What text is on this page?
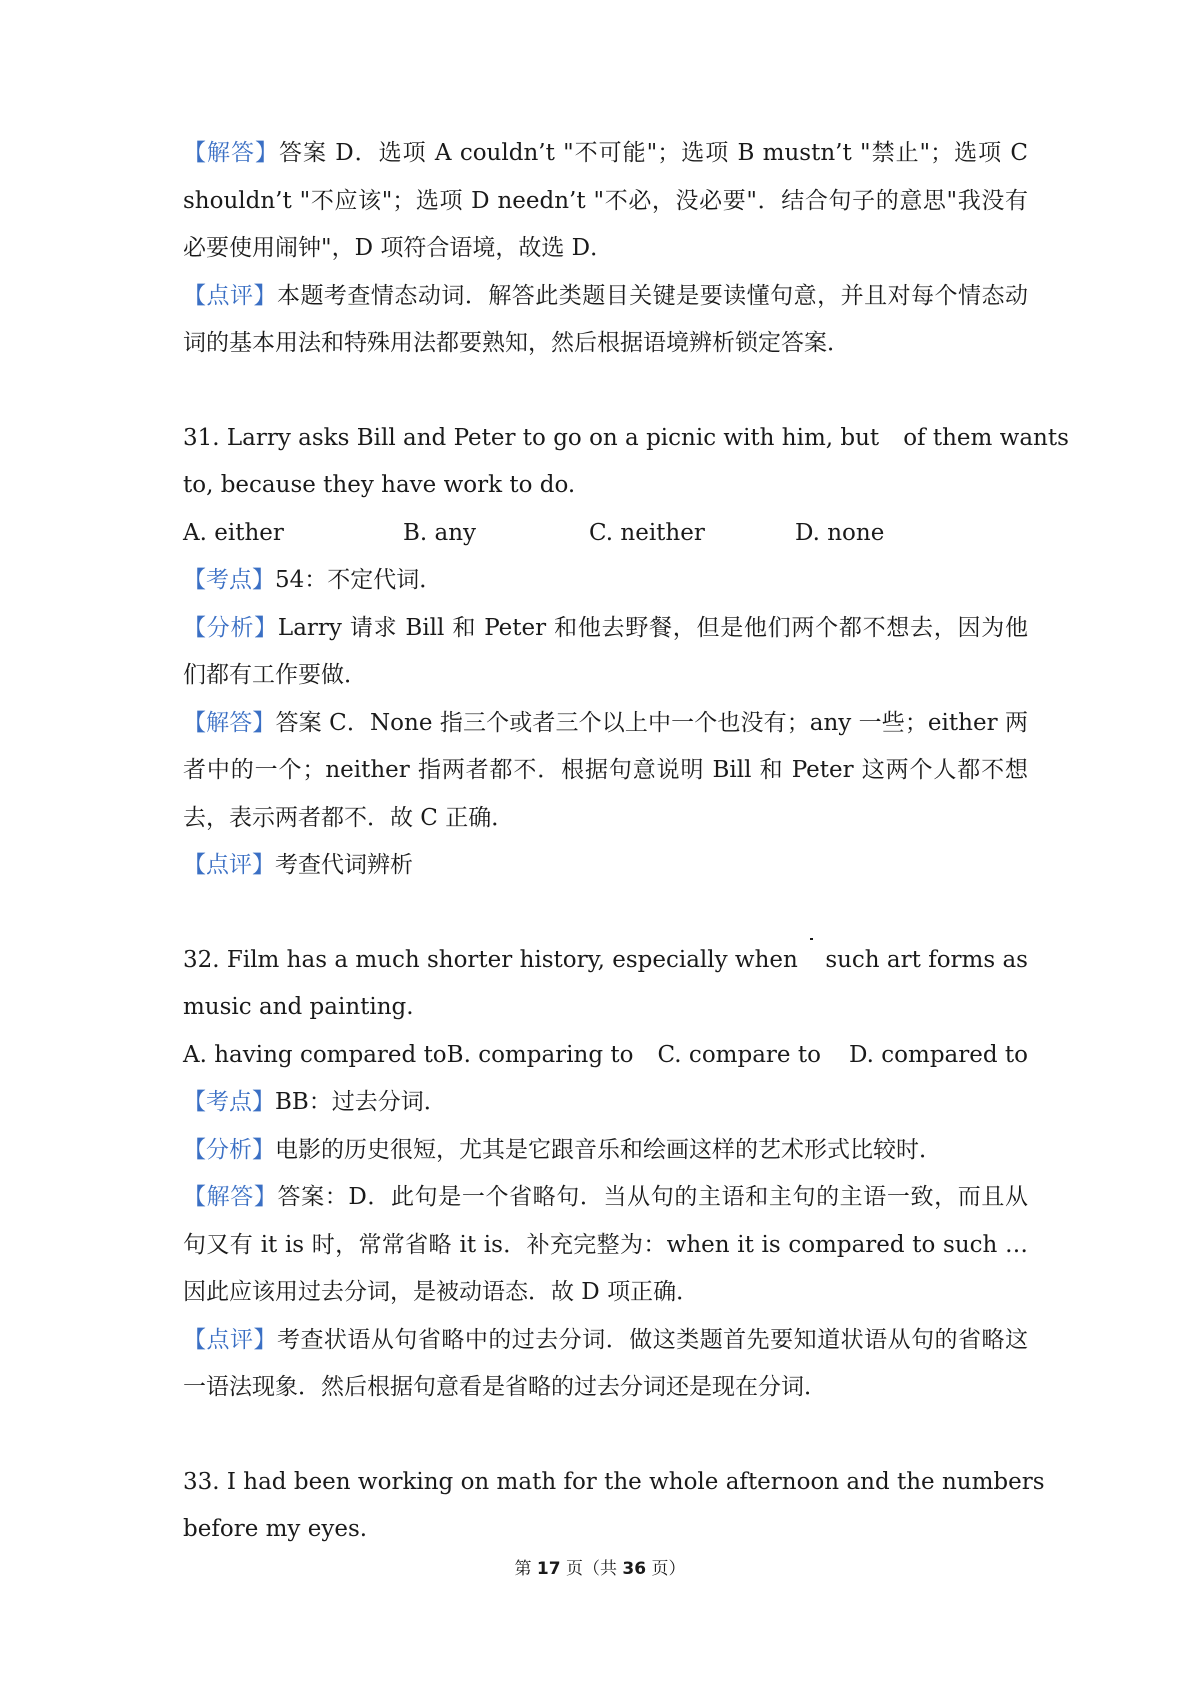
【解答】答案 D．选项 A couldn’t "不可能"；选项 B mustn’t "禁止"；选项 C shouldn’t "不应该"；选项 D needn’t "不必，没必要"．结合句子的意思"我没有必要使用闹钟"，D 项符合语境，故选 D．

【点评】本题考查情态动词．解答此类题目关键是要读懂句意，并且对每个情态动词的基本用法和特殊用法都要熟知，然后根据语境辨析锁定答案．

31. Larry asks Bill and Peter to go on a picnic with him, but of them wants

to, because they have work to do.

A. either	B. any	C. neither	D. none

【考点】54：不定代词．

【分析】Larry 请求 Bill 和 Peter 和他去野餐，但是他们两个都不想去，因为他们都有工作要做．

【解答】答案 C．None 指三个或者三个以上中一个也没有；any 一些；either 两者中的一个；neither 指两者都不．根据句意说明 Bill 和 Peter 这两个人都不想去，表示两者都不．故 C 正确．

【点评】考查代词辨析

32. Film has a much shorter history, especially when such art forms as

music and painting.

A. having compared to B. comparing to	C. compare to	D. compared to

【考点】BB：过去分词．

【分析】电影的历史很短，尤其是它跟音乐和绘画这样的艺术形式比较时．

【解答】答案：D．此句是一个省略句．当从句的主语和主句的主语一致，而且从句又有 it is 时，常常省略 it is．补充完整为：when it is compared to such …因此应该用过去分词，是被动语态．故 D 项正确．

【点评】考查状语从句省略中的过去分词．做这类题首先要知道状语从句的省略这一语法现象．然后根据句意看是省略的过去分词还是现在分词．

33. I had been working on math for the whole afternoon and the numbers

before my eyes.

第 17 页（共 36 页）
